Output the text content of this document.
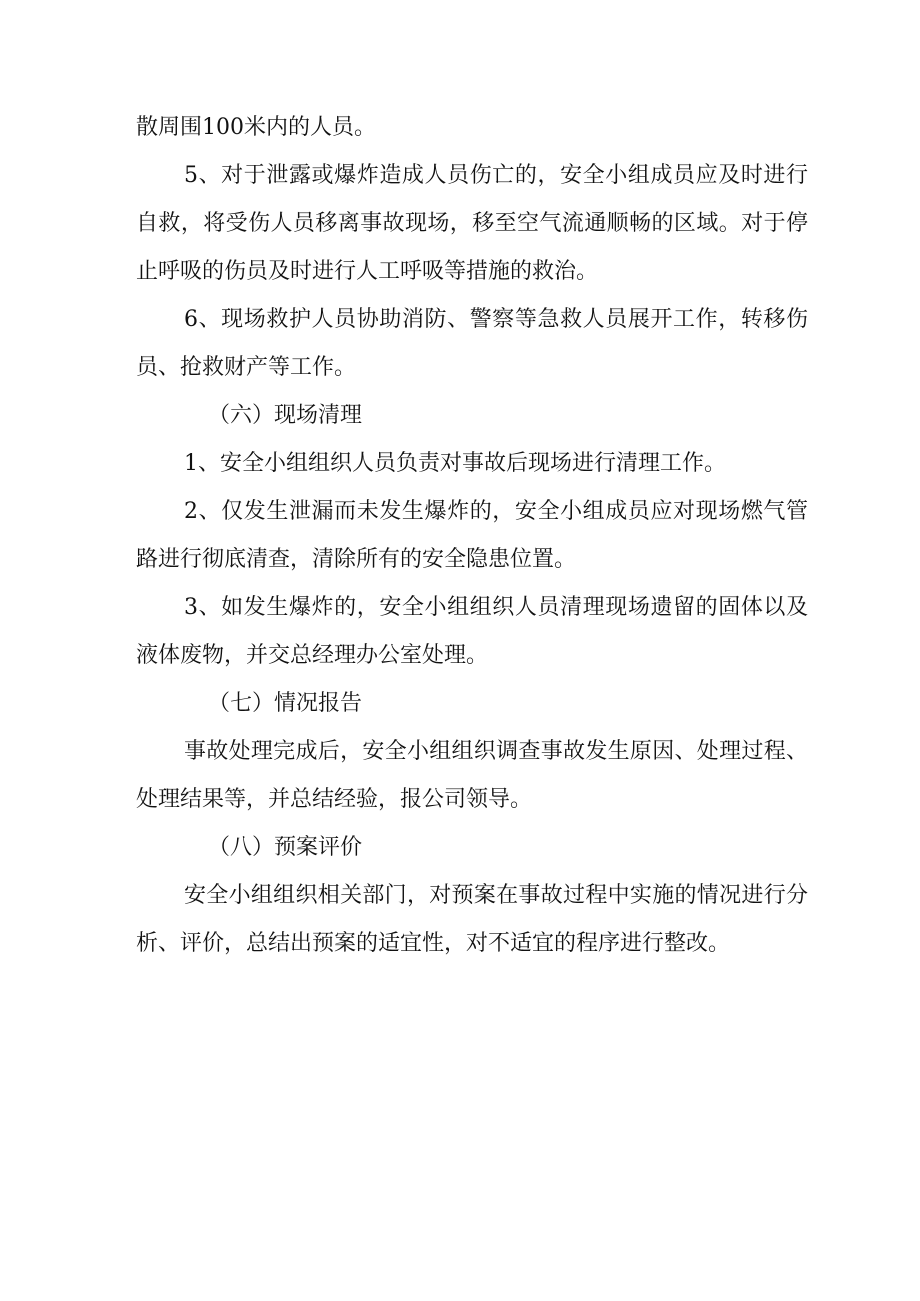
散周围100米内的人员。

5、对于泄露或爆炸造成人员伤亡的，安全小组成员应及时进行自救，将受伤人员移离事故现场，移至空气流通顺畅的区域。对于停止呼吸的伤员及时进行人工呼吸等措施的救治。

6、现场救护人员协助消防、警察等急救人员展开工作，转移伤员、抢救财产等工作。

（六）现场清理

1、安全小组组织人员负责对事故后现场进行清理工作。

2、仅发生泄漏而未发生爆炸的，安全小组成员应对现场燃气管路进行彻底清查，清除所有的安全隐患位置。

3、如发生爆炸的，安全小组组织人员清理现场遗留的固体以及液体废物，并交总经理办公室处理。

（七）情况报告

事故处理完成后，安全小组组织调查事故发生原因、处理过程、处理结果等，并总结经验，报公司领导。

（八）预案评价

安全小组组织相关部门，对预案在事故过程中实施的情况进行分析、评价，总结出预案的适宜性，对不适宜的程序进行整改。
